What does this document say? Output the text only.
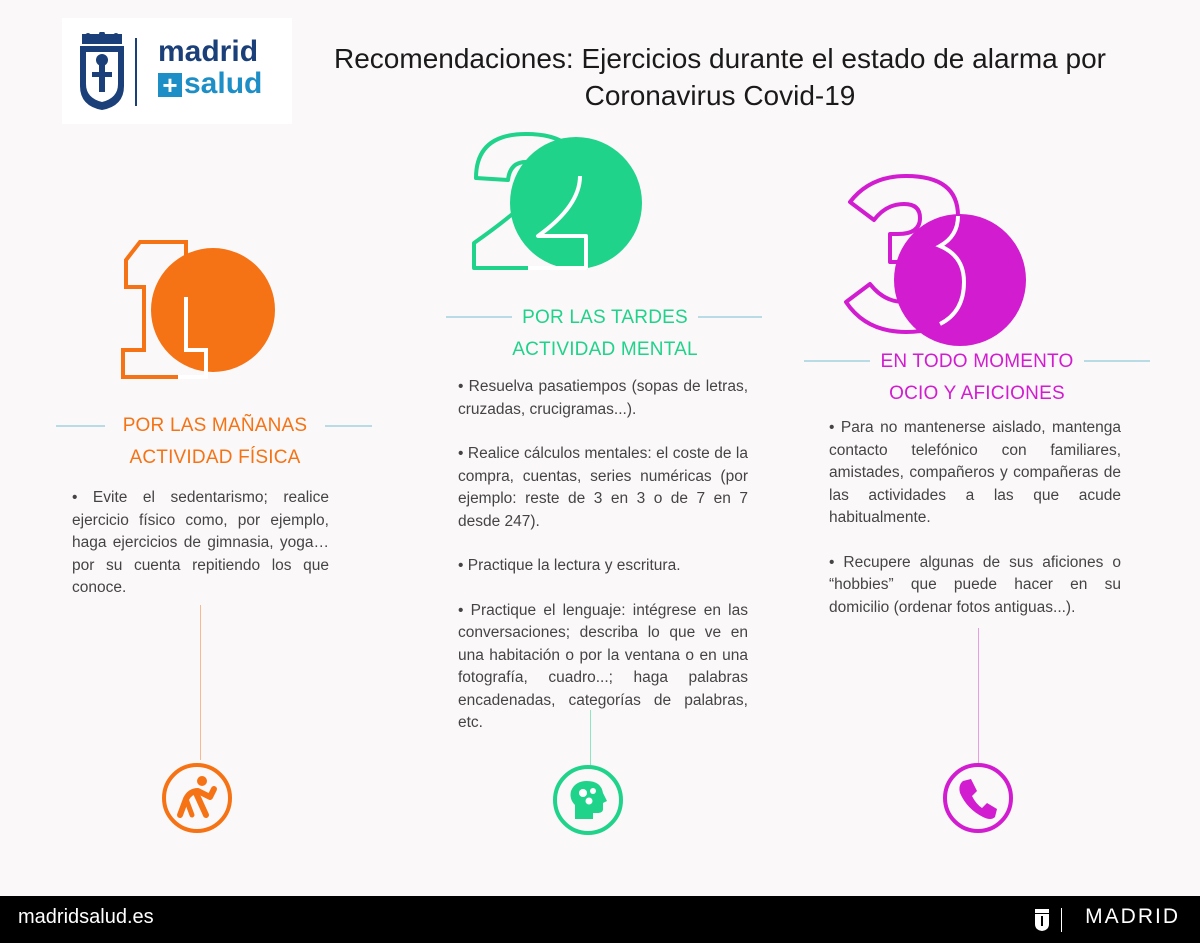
madrid
+ salud
Recomendaciones: Ejercicios durante el estado de alarma por
Coronavirus Covid-19
POR LAS MAÑANAS
ACTIVIDAD FÍSICA

• Evite el sedentarismo; realice ejercicio físico como, por ejemplo, haga ejercicios de gimnasia, yoga… por su cuenta repitiendo los que conoce.

POR LAS TARDES
ACTIVIDAD MENTAL

• Resuelva pasatiempos (sopas de letras, cruzadas, crucigramas...).

• Realice cálculos mentales: el coste de la compra, cuentas, series numéricas (por ejemplo: reste de 3 en 3 o de 7 en 7 desde 247).

• Practique la lectura y escritura.

• Practique el lenguaje: intégrese en las conversaciones; describa lo que ve en una habitación o por la ventana o en una fotografía, cuadro...; haga palabras encadenadas, categorías de palabras, etc.

EN TODO MOMENTO
OCIO Y AFICIONES

• Para no mantenerse aislado, mantenga contacto telefónico con familiares, amistades, compañeros y compañeras de las actividades a las que acude habitualmente.

• Recupere algunas de sus aficiones o “hobbies” que puede hacer en su domicilio (ordenar fotos antiguas...).

madridsalud.es	MADRID
